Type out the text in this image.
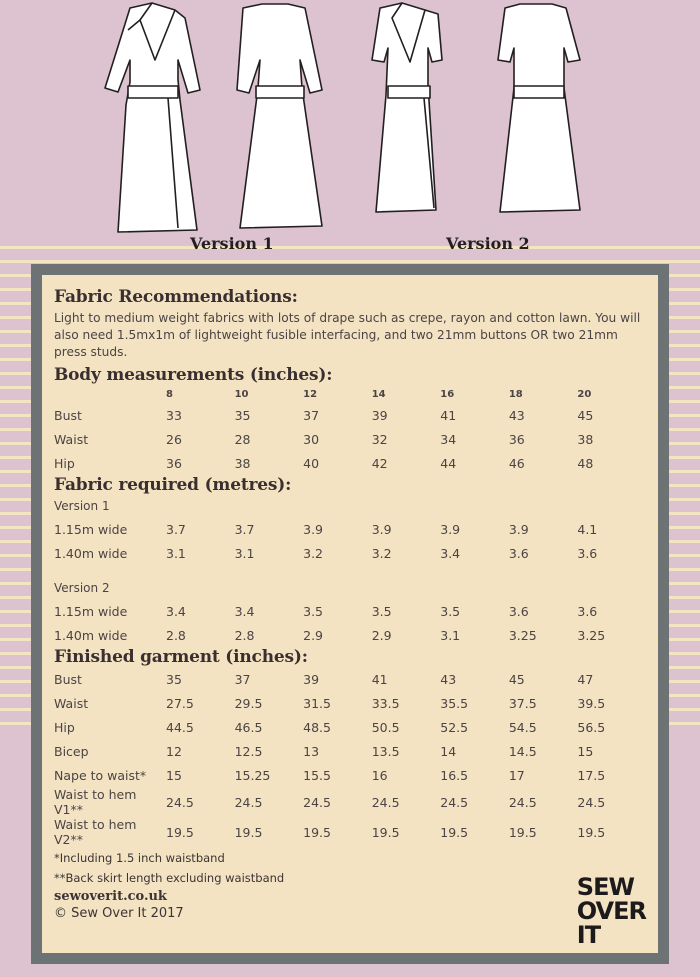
Version 1	Version 2
Fabric Recommendations:

Light to medium weight fabrics with lots of drape such as crepe, rayon and cotton lawn. You will also need 1.5mx1m of lightweight fusible interfacing, and two 21mm buttons OR two 21mm press studs.

Body measurements (inches):
	8	10	12	14	16	18	20
Bust	33	35	37	39	41	43	45
Waist	26	28	30	32	34	36	38
Hip	36	38	40	42	44	46	48
Fabric required (metres):
Version 1							
1.15m wide	3.7	3.7	3.9	3.9	3.9	3.9	4.1
1.40m wide	3.1	3.1	3.2	3.2	3.4	3.6	3.6

Version 2							
1.15m wide	3.4	3.4	3.5	3.5	3.5	3.6	3.6
1.40m wide	2.8	2.8	2.9	2.9	3.1	3.25	3.25
Finished garment (inches):
Bust	35	37	39	41	43	45	47
Waist	27.5	29.5	31.5	33.5	35.5	37.5	39.5
Hip	44.5	46.5	48.5	50.5	52.5	54.5	56.5
Bicep	12	12.5	13	13.5	14	14.5	15
Nape to waist*	15	15.25	15.5	16	16.5	17	17.5
Waist to hem V1**	24.5	24.5	24.5	24.5	24.5	24.5	24.5
Waist to hem V2**	19.5	19.5	19.5	19.5	19.5	19.5	19.5
*Including 1.5 inch waistband
**Back skirt length excluding waistband
sewoverit.co.uk
© Sew Over It 2017
SEW
OVER
IT
